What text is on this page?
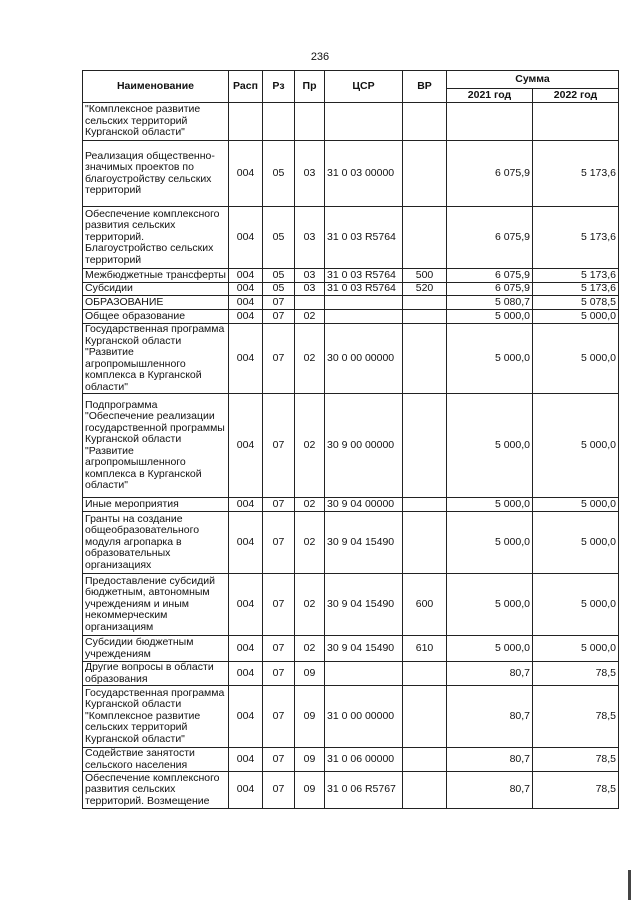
236
Наименование	Расп	Рз	Пр	ЦСР	ВР	Сумма	
						2021 год	2022 год
"Комплексное развитие сельских территорий Курганской области"							
Реализация общественно-значимых проектов по благоустройству сельских территорий	004	05	03	31 0 03 00000		6 075,9	5 173,6
Обеспечение комплексного развития сельских территорий. Благоустройство сельских территорий	004	05	03	31 0 03 R5764		6 075,9	5 173,6
Межбюджетные трансферты	004	05	03	31 0 03 R5764	500	6 075,9	5 173,6
Субсидии	004	05	03	31 0 03 R5764	520	6 075,9	5 173,6
ОБРАЗОВАНИЕ	004	07				5 080,7	5 078,5
Общее образование	004	07	02			5 000,0	5 000,0
Государственная программа Курганской области "Развитие агропромышленного комплекса в Курганской области"	004	07	02	30 0 00 00000		5 000,0	5 000,0
Подпрограмма "Обеспечение реализации государственной программы Курганской области "Развитие агропромышленного комплекса в Курганской области"	004	07	02	30 9 00 00000		5 000,0	5 000,0
Иные мероприятия	004	07	02	30 9 04 00000		5 000,0	5 000,0
Гранты на создание общеобразовательного модуля агропарка в образовательных организациях	004	07	02	30 9 04 15490		5 000,0	5 000,0
Предоставление субсидий бюджетным, автономным учреждениям и иным некоммерческим организациям	004	07	02	30 9 04 15490	600	5 000,0	5 000,0
Субсидии бюджетным учреждениям	004	07	02	30 9 04 15490	610	5 000,0	5 000,0
Другие вопросы в области образования	004	07	09			80,7	78,5
Государственная программа Курганской области "Комплексное развитие сельских территорий Курганской области"	004	07	09	31 0 00 00000		80,7	78,5
Содействие занятости сельского населения	004	07	09	31 0 06 00000		80,7	78,5
Обеспечение комплексного развития сельских территорий. Возмещение	004	07	09	31 0 06 R5767		80,7	78,5
